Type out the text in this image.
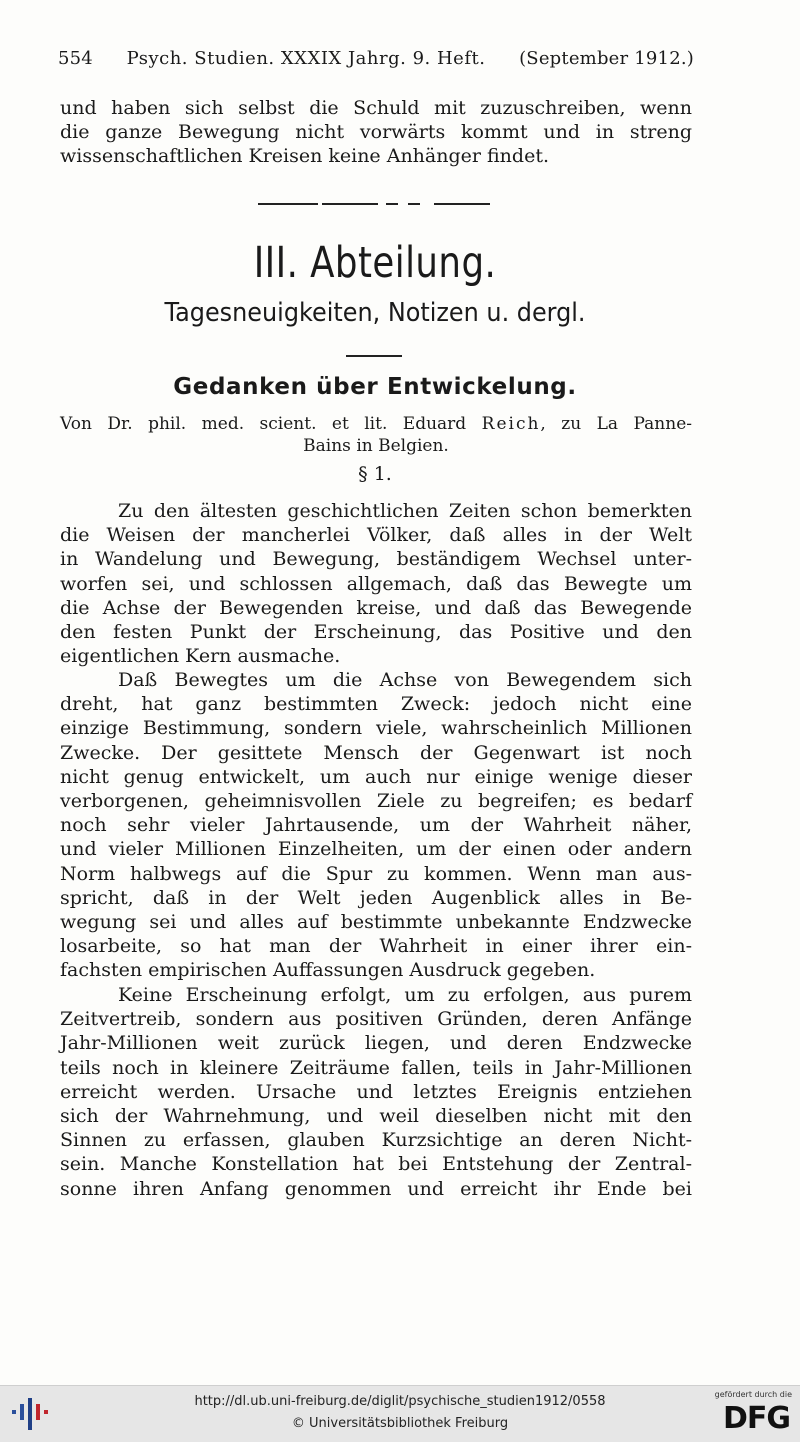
554 Psych. Studien. XXXIX Jahrg. 9. Heft. (September 1912.)
und haben sich selbst die Schuld mit zuzuschreiben, wenn
die ganze Bewegung nicht vorwärts kommt und in streng
wissenschaftlichen Kreisen keine Anhänger findet.
III. Abteilung.
Tagesneuigkeiten, Notizen u. dergl.
Gedanken über Entwickelung.
Von Dr. phil. med. scient. et lit. Eduard Reich, zu La Panne-
Bains in Belgien.
§ 1.
Zu den ältesten geschichtlichen Zeiten schon bemerkten
die Weisen der mancherlei Völker, daß alles in der Welt
in Wandelung und Bewegung, beständigem Wechsel unter-
worfen sei, und schlossen allgemach, daß das Bewegte um
die Achse der Bewegenden kreise, und daß das Bewegende
den festen Punkt der Erscheinung, das Positive und den
eigentlichen Kern ausmache.
Daß Bewegtes um die Achse von Bewegendem sich
dreht, hat ganz bestimmten Zweck: jedoch nicht eine
einzige Bestimmung, sondern viele, wahrscheinlich Millionen
Zwecke. Der gesittete Mensch der Gegenwart ist noch
nicht genug entwickelt, um auch nur einige wenige dieser
verborgenen, geheimnisvollen Ziele zu begreifen; es bedarf
noch sehr vieler Jahrtausende, um der Wahrheit näher,
und vieler Millionen Einzelheiten, um der einen oder andern
Norm halbwegs auf die Spur zu kommen. Wenn man aus-
spricht, daß in der Welt jeden Augenblick alles in Be-
wegung sei und alles auf bestimmte unbekannte Endzwecke
losarbeite, so hat man der Wahrheit in einer ihrer ein-
fachsten empirischen Auffassungen Ausdruck gegeben.
Keine Erscheinung erfolgt, um zu erfolgen, aus purem
Zeitvertreib, sondern aus positiven Gründen, deren Anfänge
Jahr-Millionen weit zurück liegen, und deren Endzwecke
teils noch in kleinere Zeiträume fallen, teils in Jahr-Millionen
erreicht werden. Ursache und letztes Ereignis entziehen
sich der Wahrnehmung, und weil dieselben nicht mit den
Sinnen zu erfassen, glauben Kurzsichtige an deren Nicht-
sein. Manche Konstellation hat bei Entstehung der Zentral-
sonne ihren Anfang genommen und erreicht ihr Ende bei
http://dl.ub.uni-freiburg.de/diglit/psychische_studien1912/0558
© Universitätsbibliothek Freiburg
gefördert durch die
DFG
